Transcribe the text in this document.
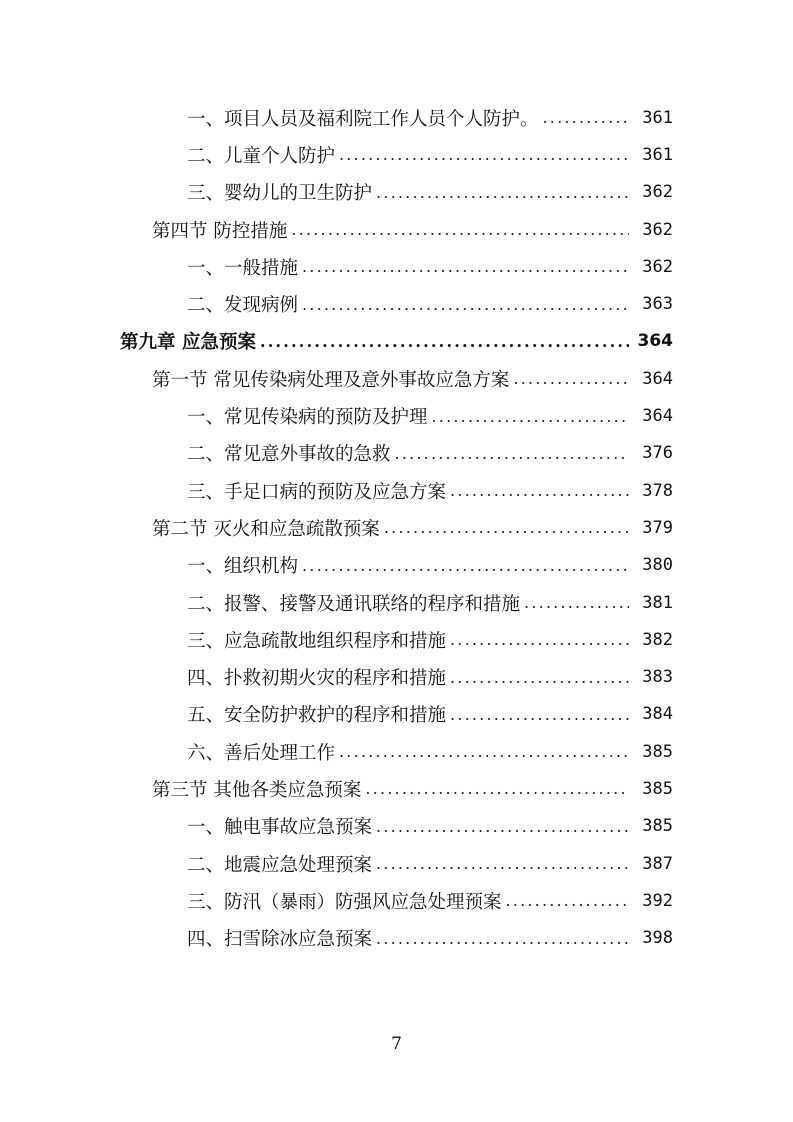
一、项目人员及福利院工作人员个人防护。 .....	361
二、儿童个人防护 .....	361
三、婴幼儿的卫生防护 .....	362
第四节 防控措施 .....	362
一、一般措施 .....	362
二、发现病例 .....	363
第九章 应急预案 .....	364
第一节 常见传染病处理及意外事故应急方案 .....	364
一、常见传染病的预防及护理 .....	364
二、常见意外事故的急救 .....	376
三、手足口病的预防及应急方案 .....	378
第二节 灭火和应急疏散预案 .....	379
一、组织机构 .....	380
二、报警、接警及通讯联络的程序和措施 .....	381
三、应急疏散地组织程序和措施 .....	382
四、扑救初期火灾的程序和措施 .....	383
五、安全防护救护的程序和措施 .....	384
六、善后处理工作 .....	385
第三节 其他各类应急预案 .....	385
一、触电事故应急预案 .....	385
二、地震应急处理预案 .....	387
三、防汛（暴雨）防强风应急处理预案 .....	392
四、扫雪除冰应急预案 .....	398
7
